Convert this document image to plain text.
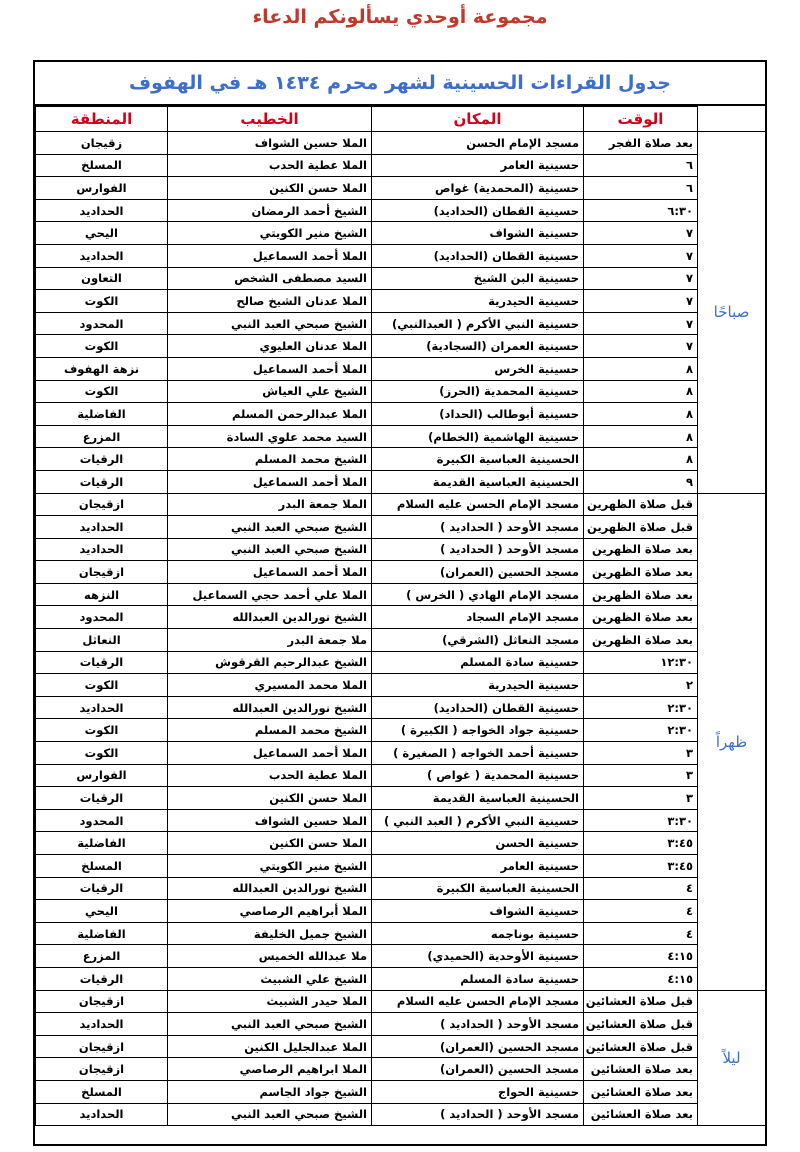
مجموعة أوحدي يسألونكم الدعاء
جدول القراءات الحسينية لشهر محرم ١٤٣٤ هـ في الهفوف
	الوقت	المكان	الخطيب	المنطقة
صباحًا	بعد صلاة الفجر	مسجد الإمام الحسن	الملا حسين الشواف	زقيجان
	٦	حسينية العامر	الملا عطية الحدب	المسلخ
	٦	حسينية (المحمدية) غواص	الملا حسن الكنين	الفوارس
	٦:٣٠	حسينية القطان (الحداديد)	الشيخ أحمد الرمضان	الحداديد
	٧	حسينية الشواف	الشيخ منير الكويتي	اليحي
	٧	حسينية القطان (الحداديد)	الملا أحمد السماعيل	الحداديد
	٧	حسينية البن الشيخ	السيد مصطفى الشخص	التعاون
	٧	حسينية الحيدرية	الملا عدنان الشيخ صالح	الكوت
	٧	حسينية النبي الأكرم ( العبدالنبي)	الشيخ صبحي العبد النبي	المحدود
	٧	حسينية العمران (السجادية)	الملا عدنان العليوي	الكوت
	٨	حسينية الخرس	الملا أحمد السماعيل	نزهة الهفوف
	٨	حسينية المحمدية (الحرز)	الشيخ علي العياش	الكوت
	٨	حسينية أبوطالب (الحداد)	الملا عبدالرحمن المسلم	الفاضلية
	٨	حسينية الهاشمية (الخطام)	السيد محمد علوي السادة	المزرع
	٨	الحسينية العباسية الكبيرة	الشيخ محمد المسلم	الرقيات
	٩	الحسينية العباسية القديمة	الملا أحمد السماعيل	الرقيات
ظهراً	قبل صلاة الظهرين	مسجد الإمام الحسن عليه السلام	الملا جمعة البدر	ازقيجان
	قبل صلاة الظهرين	مسجد الأوحد ( الحداديد )	الشيخ صبحي العبد النبي	الحداديد
	بعد صلاة الظهرين	مسجد الأوحد ( الحداديد )	الشيخ صبحي العبد النبي	الحداديد
	بعد صلاة الظهرين	مسجد الحسين (العمران)	الملا أحمد السماعيل	ازقيجان
	بعد صلاة الظهرين	مسجد الإمام الهادي ( الخرس )	الملا علي أحمد حجي السماعيل	النزهه
	بعد صلاة الظهرين	مسجد الإمام السجاد	الشيخ نورالدين العبدالله	المحدود
	بعد صلاة الظهرين	مسجد النعاثل (الشرقي)	ملا جمعة البدر	النعاثل
	١٢:٣٠	حسينية سادة المسلم	الشيخ عبدالرحيم القرقوش	الرقيات
	٢	حسينية الحيدرية	الملا محمد المسيري	الكوت
	٢:٣٠	حسينية القطان (الحداديد)	الشيخ نورالدين العبدالله	الحداديد
	٢:٣٠	حسينية جواد الخواجه ( الكبيرة )	الشيخ محمد المسلم	الكوت
	٣	حسينية أحمد الخواجه ( الصغيرة )	الملا أحمد السماعيل	الكوت
	٣	حسينية المحمدية ( غواص )	الملا عطية الحدب	الفوارس
	٣	الحسينية العباسية القديمة	الملا حسن الكنين	الرقيات
	٣:٣٠	حسينية النبي الأكرم ( العبد النبي )	الملا حسين الشواف	المحدود
	٣:٤٥	حسينية الحسن	الملا حسن الكنين	الفاضلية
	٣:٤٥	حسينية العامر	الشيخ منير الكويتي	المسلخ
	٤	الحسينية العباسية الكبيرة	الشيخ نورالدين العبدالله	الرقيات
	٤	حسينية الشواف	الملا أبراهيم الرصاصي	اليحي
	٤	حسينية بوناجمه	الشيخ جميل الخليفة	الفاضلية
	٤:١٥	حسينية الأوحدية (الحميدي)	ملا عبدالله الخميس	المزرع
	٤:١٥	حسينية سادة المسلم	الشيخ علي الشبيث	الرقيات
ليلاً	قبل صلاة العشائين	مسجد الإمام الحسن عليه السلام	الملا حيدر الشبيث	ازقيجان
	قبل صلاة العشائين	مسجد الأوحد ( الحداديد )	الشيخ صبحي العبد النبي	الحداديد
	قبل صلاة العشائين	مسجد الحسين (العمران)	الملا عبدالجليل الكنين	ازقيجان
	بعد صلاة العشائين	مسجد الحسين (العمران)	الملا ابراهيم الرصاصي	ازقيجان
	بعد صلاة العشائين	حسينية الحواج	الشيخ جواد الجاسم	المسلخ
	بعد صلاة العشائين	مسجد الأوحد ( الحداديد )	الشيخ صبحي العبد النبي	الحداديد
